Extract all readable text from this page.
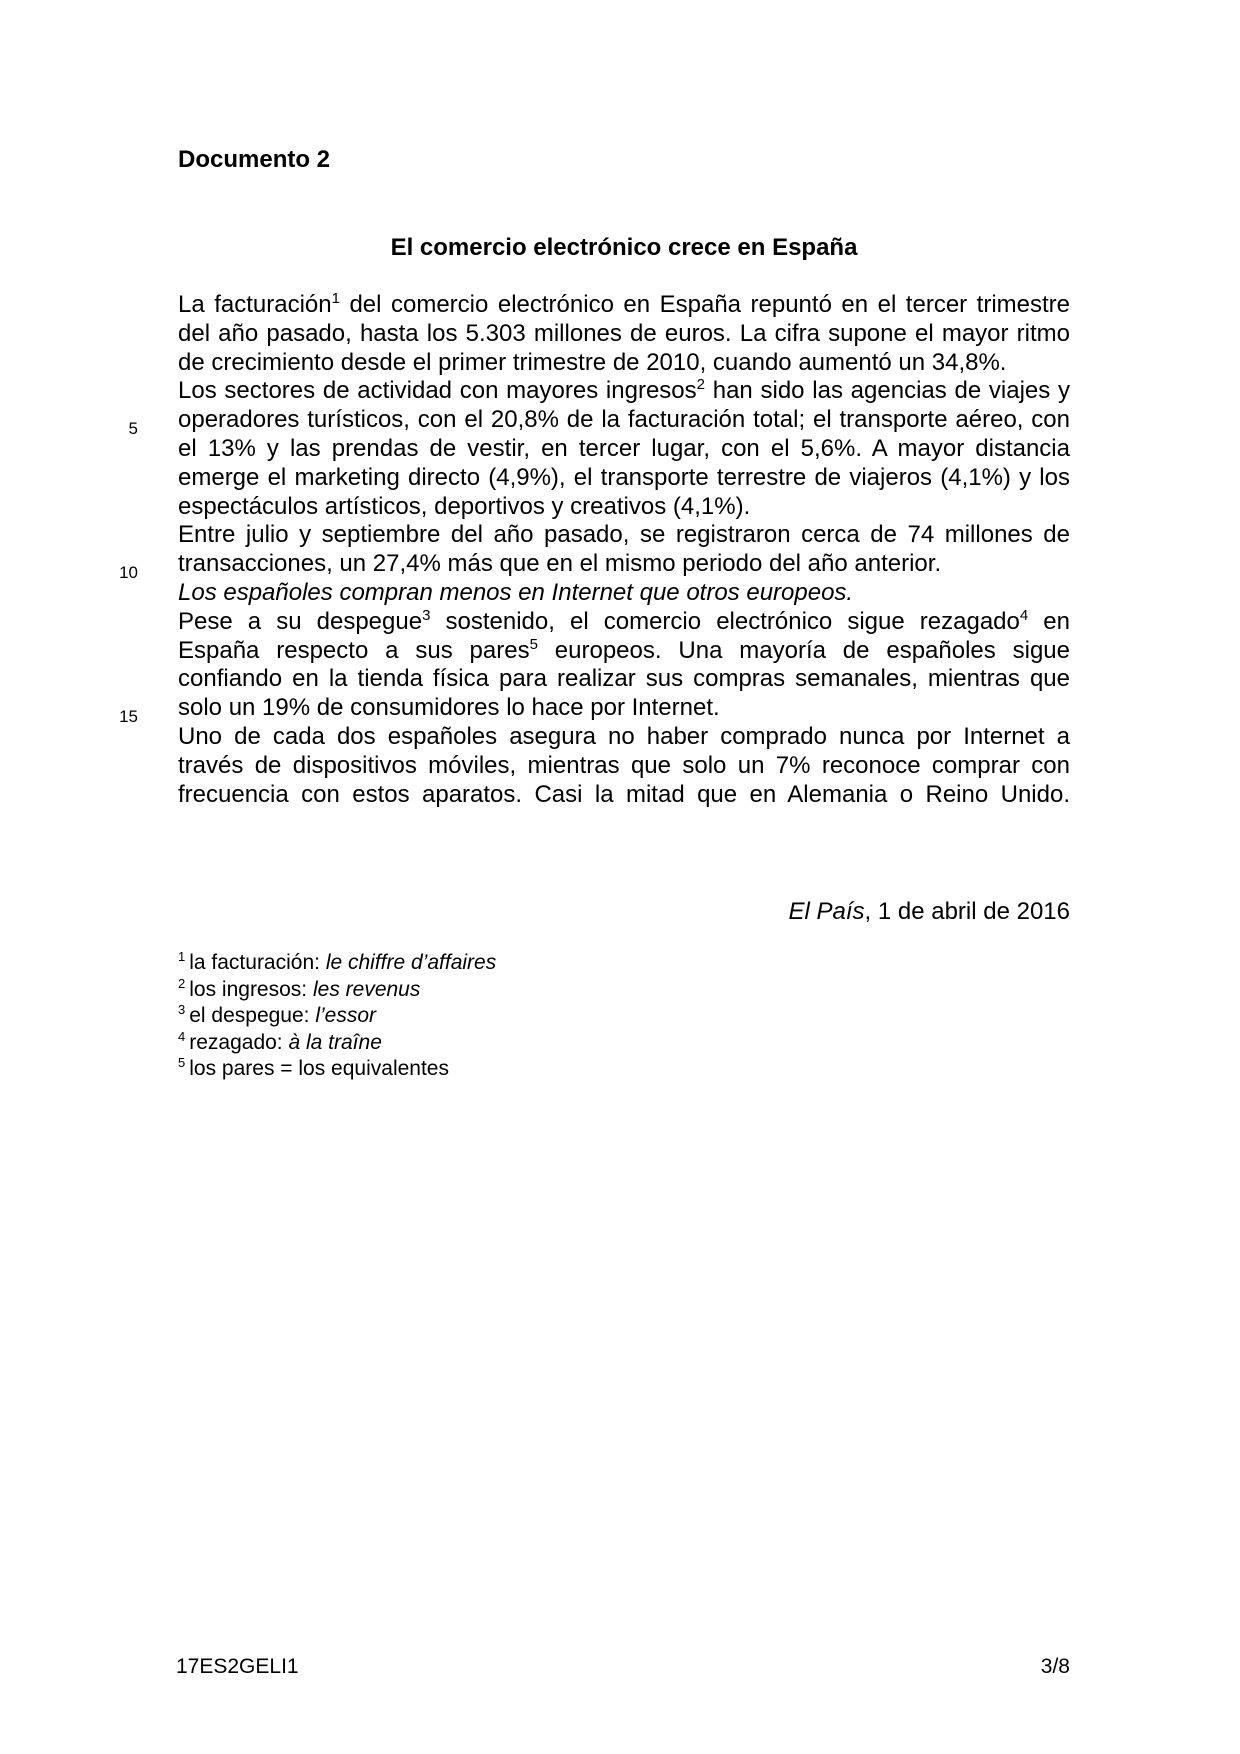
Documento 2
El comercio electrónico crece en España

La facturación$^1$ del comercio electrónico en España repuntó en el tercer trimestre del año pasado, hasta los 5.303 millones de euros. La cifra supone el mayor ritmo de crecimiento desde el primer trimestre de 2010, cuando aumentó un 34,8%.

Los sectores de actividad con mayores ingresos$^2$ han sido las agencias de viajes y operadores turísticos, con el 20,8% de la facturación total; el transporte aéreo, con el 13% y las prendas de vestir, en tercer lugar, con el 5,6%. A mayor distancia emerge el marketing directo (4,9%), el transporte terrestre de viajeros (4,1%) y los espectáculos artísticos, deportivos y creativos (4,1%).

Entre julio y septiembre del año pasado, se registraron cerca de 74 millones de transacciones, un 27,4% más que en el mismo periodo del año anterior.

Los españoles compran menos en Internet que otros europeos.

Pese a su despegue$^3$ sostenido, el comercio electrónico sigue rezagado$^4$ en España respecto a sus pares$^5$ europeos. Una mayoría de españoles sigue confiando en la tienda física para realizar sus compras semanales, mientras que solo un 19% de consumidores lo hace por Internet.

Uno de cada dos españoles asegura no haber comprado nunca por Internet a través de dispositivos móviles, mientras que solo un 7% reconoce comprar con frecuencia con estos aparatos. Casi la mitad que en Alemania o Reino Unido.

5
10
15

El País, 1 de abril de 2016

$^1$ la facturación: le chiffre d’affaires
$^2$ los ingresos: les revenus
$^3$ el despegue: l’essor
$^4$ rezagado: à la traîne
$^5$ los pares = los equivalentes
17ES2GELI1	3/8
